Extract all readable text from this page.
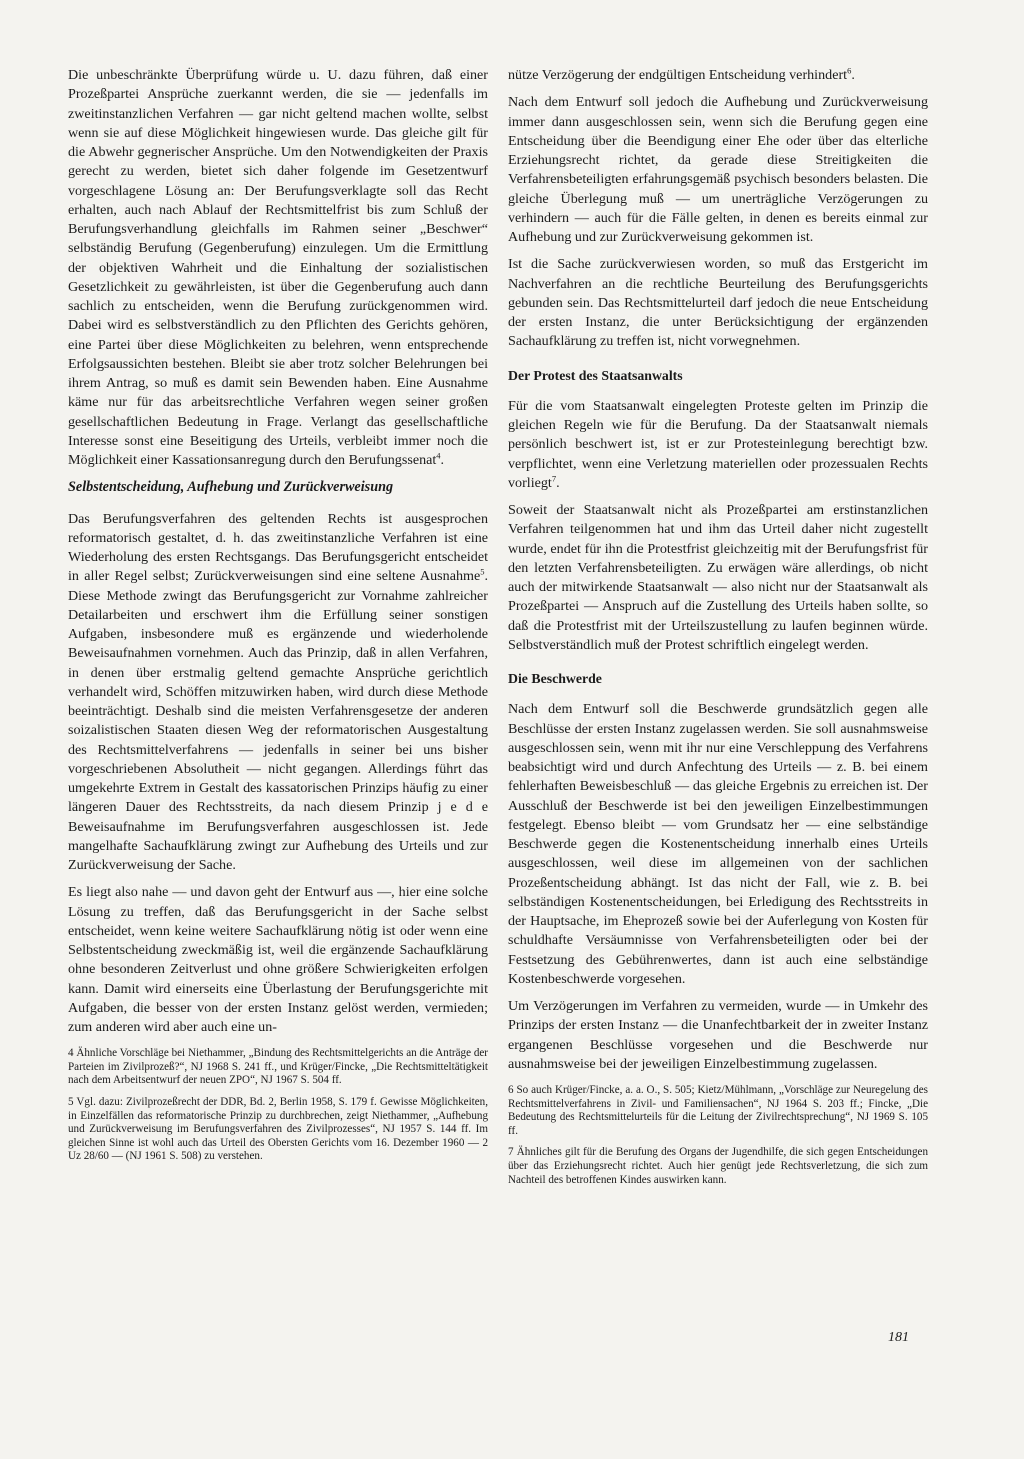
Die unbeschränkte Überprüfung würde u. U. dazu führen, daß einer Prozeßpartei Ansprüche zuerkannt werden, die sie — jedenfalls im zweitinstanzlichen Verfahren — gar nicht geltend machen wollte, selbst wenn sie auf diese Möglichkeit hingewiesen wurde. Das gleiche gilt für die Abwehr gegnerischer Ansprüche. Um den Notwendigkeiten der Praxis gerecht zu werden, bietet sich daher folgende im Gesetzentwurf vorgeschlagene Lösung an: Der Berufungsverklagte soll das Recht erhalten, auch nach Ablauf der Rechtsmittelfrist bis zum Schluß der Berufungsverhandlung gleichfalls im Rahmen seiner „Beschwer“ selbständig Berufung (Gegenberufung) einzulegen. Um die Ermittlung der objektiven Wahrheit und die Einhaltung der sozialistischen Gesetzlichkeit zu gewährleisten, ist über die Gegenberufung auch dann sachlich zu entscheiden, wenn die Berufung zurückgenommen wird. Dabei wird es selbstverständlich zu den Pflichten des Gerichts gehören, eine Partei über diese Möglichkeiten zu belehren, wenn entsprechende Erfolgsaussichten bestehen. Bleibt sie aber trotz solcher Belehrungen bei ihrem Antrag, so muß es damit sein Bewenden haben. Eine Ausnahme käme nur für das arbeitsrechtliche Verfahren wegen seiner großen gesellschaftlichen Bedeutung in Frage. Verlangt das gesellschaftliche Interesse sonst eine Beseitigung des Urteils, verbleibt immer noch die Möglichkeit einer Kassationsanregung durch den Berufungssenat$^4$.

Selbstentscheidung, Aufhebung und Zurückverweisung

Das Berufungsverfahren des geltenden Rechts ist ausgesprochen reformatorisch gestaltet, d. h. das zweitinstanzliche Verfahren ist eine Wiederholung des ersten Rechtsgangs. Das Berufungsgericht entscheidet in aller Regel selbst; Zurückverweisungen sind eine seltene Ausnahme$^5$. Diese Methode zwingt das Berufungsgericht zur Vornahme zahlreicher Detailarbeiten und erschwert ihm die Erfüllung seiner sonstigen Aufgaben, insbesondere muß es ergänzende und wiederholende Beweisaufnahmen vornehmen. Auch das Prinzip, daß in allen Verfahren, in denen über erstmalig geltend gemachte Ansprüche gerichtlich verhandelt wird, Schöffen mitzuwirken haben, wird durch diese Methode beeinträchtigt. Deshalb sind die meisten Verfahrensgesetze der anderen soizalistischen Staaten diesen Weg der reformatorischen Ausgestaltung des Rechtsmittelverfahrens — jedenfalls in seiner bei uns bisher vorgeschriebenen Absolutheit — nicht gegangen. Allerdings führt das umgekehrte Extrem in Gestalt des kassatorischen Prinzips häufig zu einer längeren Dauer des Rechtsstreits, da nach diesem Prinzip j e d e Beweisaufnahme im Berufungsverfahren ausgeschlossen ist. Jede mangelhafte Sachaufklärung zwingt zur Aufhebung des Urteils und zur Zurückverweisung der Sache.

Es liegt also nahe — und davon geht der Entwurf aus —, hier eine solche Lösung zu treffen, daß das Berufungsgericht in der Sache selbst entscheidet, wenn keine weitere Sachaufklärung nötig ist oder wenn eine Selbstentscheidung zweckmäßig ist, weil die ergänzende Sachaufklärung ohne besonderen Zeitverlust und ohne größere Schwierigkeiten erfolgen kann. Damit wird einerseits eine Überlastung der Berufungsgerichte mit Aufgaben, die besser von der ersten Instanz gelöst werden, vermieden; zum anderen wird aber auch eine un-

4 Ähnliche Vorschläge bei Niethammer, „Bindung des Rechtsmittelgerichts an die Anträge der Parteien im Zivilprozeß?“, NJ 1968 S. 241 ff., und Krüger/Fincke, „Die Rechtsmitteltätigkeit nach dem Arbeitsentwurf der neuen ZPO“, NJ 1967 S. 504 ff.

5 Vgl. dazu: Zivilprozeßrecht der DDR, Bd. 2, Berlin 1958, S. 179 f. Gewisse Möglichkeiten, in Einzelfällen das reformatorische Prinzip zu durchbrechen, zeigt Niethammer, „Aufhebung und Zurückverweisung im Berufungsverfahren des Zivilprozesses“, NJ 1957 S. 144 ff. Im gleichen Sinne ist wohl auch das Urteil des Obersten Gerichts vom 16. Dezember 1960 — 2 Uz 28/60 — (NJ 1961 S. 508) zu verstehen.

nütze Verzögerung der endgültigen Entscheidung verhindert$^6$.

Nach dem Entwurf soll jedoch die Aufhebung und Zurückverweisung immer dann ausgeschlossen sein, wenn sich die Berufung gegen eine Entscheidung über die Beendigung einer Ehe oder über das elterliche Erziehungsrecht richtet, da gerade diese Streitigkeiten die Verfahrensbeteiligten erfahrungsgemäß psychisch besonders belasten. Die gleiche Überlegung muß — um unerträgliche Verzögerungen zu verhindern — auch für die Fälle gelten, in denen es bereits einmal zur Aufhebung und zur Zurückverweisung gekommen ist.

Ist die Sache zurückverwiesen worden, so muß das Erstgericht im Nachverfahren an die rechtliche Beurteilung des Berufungsgerichts gebunden sein. Das Rechtsmittelurteil darf jedoch die neue Entscheidung der ersten Instanz, die unter Berücksichtigung der ergänzenden Sachaufklärung zu treffen ist, nicht vorwegnehmen.

Der Protest des Staatsanwalts

Für die vom Staatsanwalt eingelegten Proteste gelten im Prinzip die gleichen Regeln wie für die Berufung. Da der Staatsanwalt niemals persönlich beschwert ist, ist er zur Protesteinlegung berechtigt bzw. verpflichtet, wenn eine Verletzung materiellen oder prozessualen Rechts vorliegt$^7$.

Soweit der Staatsanwalt nicht als Prozeßpartei am erstinstanzlichen Verfahren teilgenommen hat und ihm das Urteil daher nicht zugestellt wurde, endet für ihn die Protestfrist gleichzeitig mit der Berufungsfrist für den letzten Verfahrensbeteiligten. Zu erwägen wäre allerdings, ob nicht auch der mitwirkende Staatsanwalt — also nicht nur der Staatsanwalt als Prozeßpartei — Anspruch auf die Zustellung des Urteils haben sollte, so daß die Protestfrist mit der Urteilszustellung zu laufen beginnen würde. Selbstverständlich muß der Protest schriftlich eingelegt werden.

Die Beschwerde

Nach dem Entwurf soll die Beschwerde grundsätzlich gegen alle Beschlüsse der ersten Instanz zugelassen werden. Sie soll ausnahmsweise ausgeschlossen sein, wenn mit ihr nur eine Verschleppung des Verfahrens beabsichtigt wird und durch Anfechtung des Urteils — z. B. bei einem fehlerhaften Beweisbeschluß — das gleiche Ergebnis zu erreichen ist. Der Ausschluß der Beschwerde ist bei den jeweiligen Einzelbestimmungen festgelegt. Ebenso bleibt — vom Grundsatz her — eine selbständige Beschwerde gegen die Kostenentscheidung innerhalb eines Urteils ausgeschlossen, weil diese im allgemeinen von der sachlichen Prozeßentscheidung abhängt. Ist das nicht der Fall, wie z. B. bei selbständigen Kostenentscheidungen, bei Erledigung des Rechtsstreits in der Hauptsache, im Eheprozeß sowie bei der Auferlegung von Kosten für schuldhafte Versäumnisse von Verfahrensbeteiligten oder bei der Festsetzung des Gebührenwertes, dann ist auch eine selbständige Kostenbeschwerde vorgesehen.

Um Verzögerungen im Verfahren zu vermeiden, wurde — in Umkehr des Prinzips der ersten Instanz — die Unanfechtbarkeit der in zweiter Instanz ergangenen Beschlüsse vorgesehen und die Beschwerde nur ausnahmsweise bei der jeweiligen Einzelbestimmung zugelassen.

6 So auch Krüger/Fincke, a. a. O., S. 505; Kietz/Mühlmann, „Vorschläge zur Neuregelung des Rechtsmittelverfahrens in Zivil- und Familiensachen“, NJ 1964 S. 203 ff.; Fincke, „Die Bedeutung des Rechtsmittelurteils für die Leitung der Zivilrechtsprechung“, NJ 1969 S. 105 ff.

7 Ähnliches gilt für die Berufung des Organs der Jugendhilfe, die sich gegen Entscheidungen über das Erziehungsrecht richtet. Auch hier genügt jede Rechtsverletzung, die sich zum Nachteil des betroffenen Kindes auswirken kann.

181
